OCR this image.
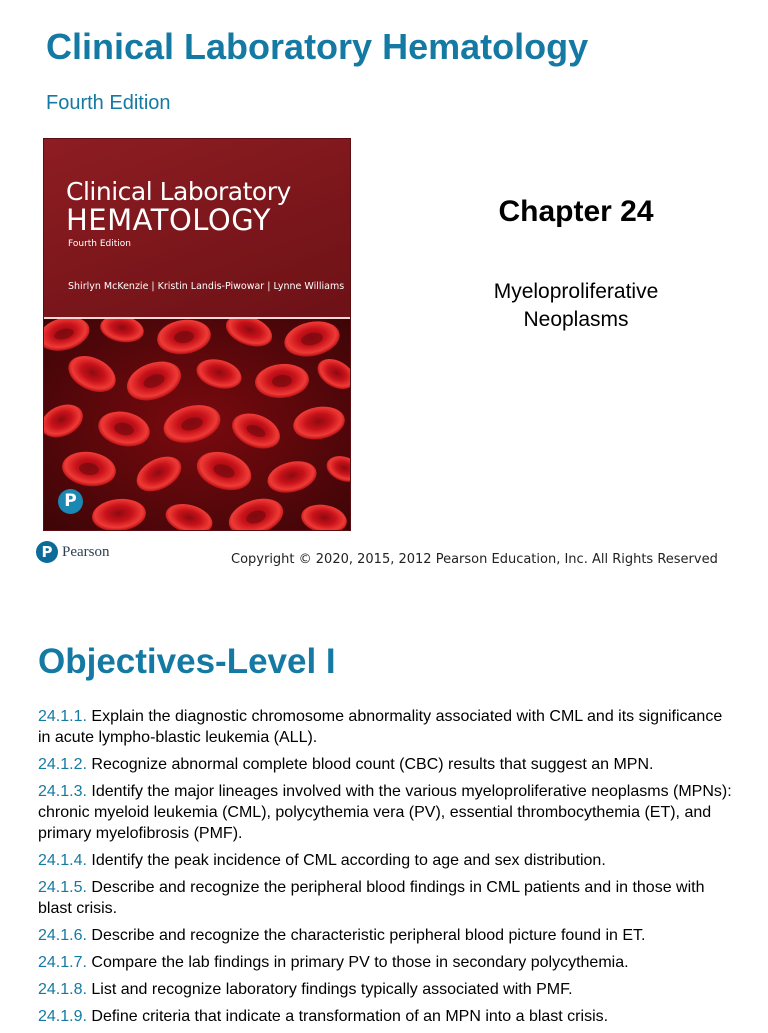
Clinical Laboratory Hematology
Fourth Edition
Clinical Laboratory
HEMATOLOGY
Fourth Edition
Shirlyn McKenzie | Kristin Landis-Piwowar | Lynne Williams
P
P Pearson	Copyright © 2020, 2015, 2012 Pearson Education, Inc. All Rights Reserved
Chapter 24
Myeloproliferative
Neoplasms
Objectives-Level I
24.1.1. Explain the diagnostic chromosome abnormality associated with CML and its significance in acute lympho-blastic leukemia (ALL).
24.1.2. Recognize abnormal complete blood count (CBC) results that suggest an MPN.
24.1.3. Identify the major lineages involved with the various myeloproliferative neoplasms (MPNs): chronic myeloid leukemia (CML), polycythemia vera (PV), essential thrombocythemia (ET), and primary myelofibrosis (PMF).
24.1.4. Identify the peak incidence of CML according to age and sex distribution.
24.1.5. Describe and recognize the peripheral blood findings in CML patients and in those with blast crisis.
24.1.6. Describe and recognize the characteristic peripheral blood picture found in ET.
24.1.7. Compare the lab findings in primary PV to those in secondary polycythemia.
24.1.8. List and recognize laboratory findings typically associated with PMF.
24.1.9. Define criteria that indicate a transformation of an MPN into a blast crisis.
